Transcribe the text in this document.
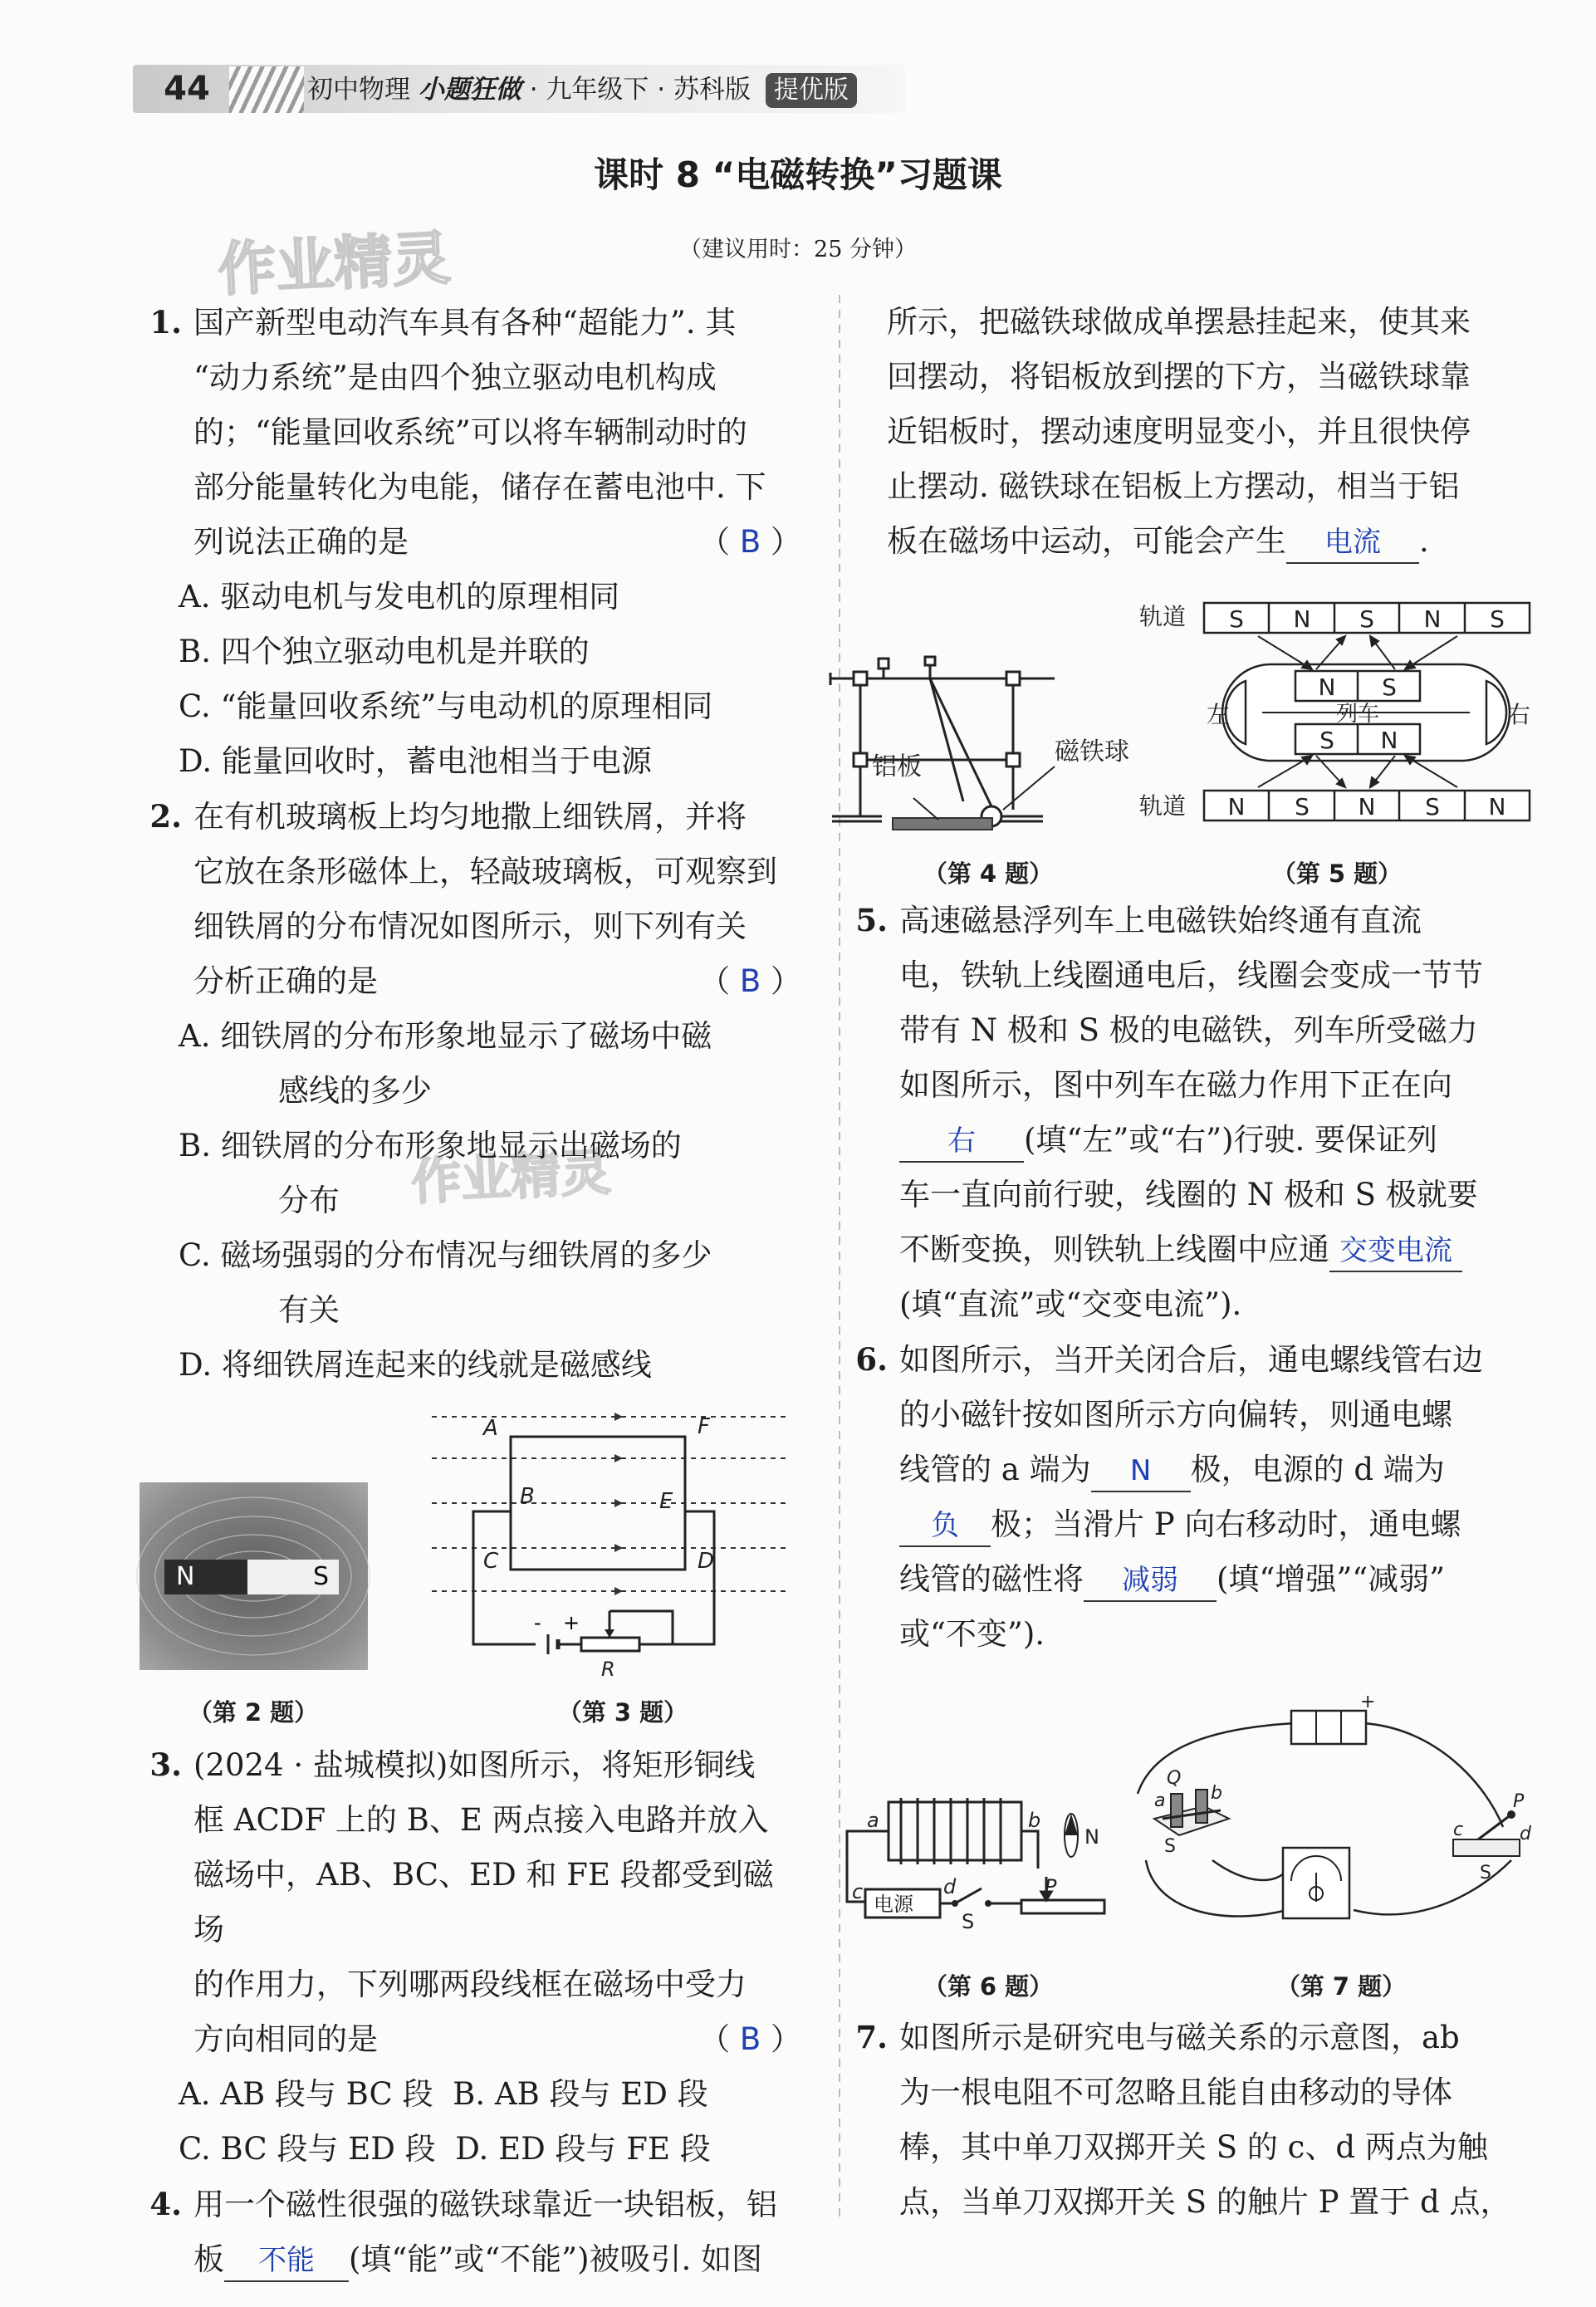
44	初中物理 小题狂做 · 九年级下 · 苏科版 提优版
课时 8 “电磁转换”习题课
（建议用时：25 分钟）
作业精灵
作业精灵
1. 国产新型电动汽车具有各种“超能力”. 其
“动力系统”是由四个独立驱动电机构成
的；“能量回收系统”可以将车辆制动时的
部分能量转化为电能，储存在蓄电池中. 下
列说法正确的是	（ B ）

A. 驱动电机与发电机的原理相同

B. 四个独立驱动电机是并联的

C. “能量回收系统”与电动机的原理相同

D. 能量回收时，蓄电池相当于电源

2. 在有机玻璃板上均匀地撒上细铁屑，并将
它放在条形磁体上，轻敲玻璃板，可观察到
细铁屑的分布情况如图所示，则下列有关
分析正确的是	（ B ）

A. 细铁屑的分布形象地显示了磁场中磁
感线的多少

B. 细铁屑的分布形象地显示出磁场的
分布

C. 磁场强弱的分布情况与细铁屑的多少
有关

D. 将细铁屑连起来的线就是磁感线

N	S
（第 2 题）
A	F
B	E
C	D
R
- +
（第 3 题）
3. (2024 · 盐城模拟)如图所示，将矩形铜线
框 ACDF 上的 B、E 两点接入电路并放入
磁场中，AB、BC、ED 和 FE 段都受到磁场
的作用力，下列哪两段线框在磁场中受力
方向相同的是	（ B ）

A. AB 段与 BC 段 B. AB 段与 ED 段

C. BC 段与 ED 段 D. ED 段与 FE 段

4. 用一个磁性很强的磁铁球靠近一块铝板，铝
板 不能 (填“能”或“不能”)被吸引. 如图

所示，把磁铁球做成单摆悬挂起来，使其来

回摆动，将铝板放到摆的下方，当磁铁球靠

近铝板时，摆动速度明显变小，并且很快停

止摆动. 磁铁球在铝板上方摆动，相当于铝

板在磁场中运动，可能会产生 电流 .

铝板
磁铁球
（第 4 题）
轨道
轨道
S N S N S
N S N S N
N S
S N
列车
左	右
（第 5 题）
5. 高速磁悬浮列车上电磁铁始终通有直流
电，铁轨上线圈通电后，线圈会变成一节节
带有 N 极和 S 极的电磁铁，列车所受磁力
如图所示，图中列车在磁力作用下正在向
右 (填“左”或“右”)行驶. 要保证列
车一直向前行驶，线圈的 N 极和 S 极就要
不断变换，则铁轨上线圈中应通 交变电流
(填“直流”或“交变电流”).
6. 如图所示，当开关闭合后，通电螺线管右边
的小磁针按如图所示方向偏转，则通电螺
线管的 a 端为 N 极，电源的 d 端为
负 极；当滑片 P 向右移动时，通电螺
线管的磁性将 减弱 (填“增强”“减弱”
或“不变”).
a	b
c	d	P
S
电源
N
（第 6 题）
+
Q
a b
S
P
c	d
S
（第 7 题）
7. 如图所示是研究电与磁关系的示意图，ab
为一根电阻不可忽略且能自由移动的导体
棒，其中单刀双掷开关 S 的 c、d 两点为触
点，当单刀双掷开关 S 的触片 P 置于 d 点，
